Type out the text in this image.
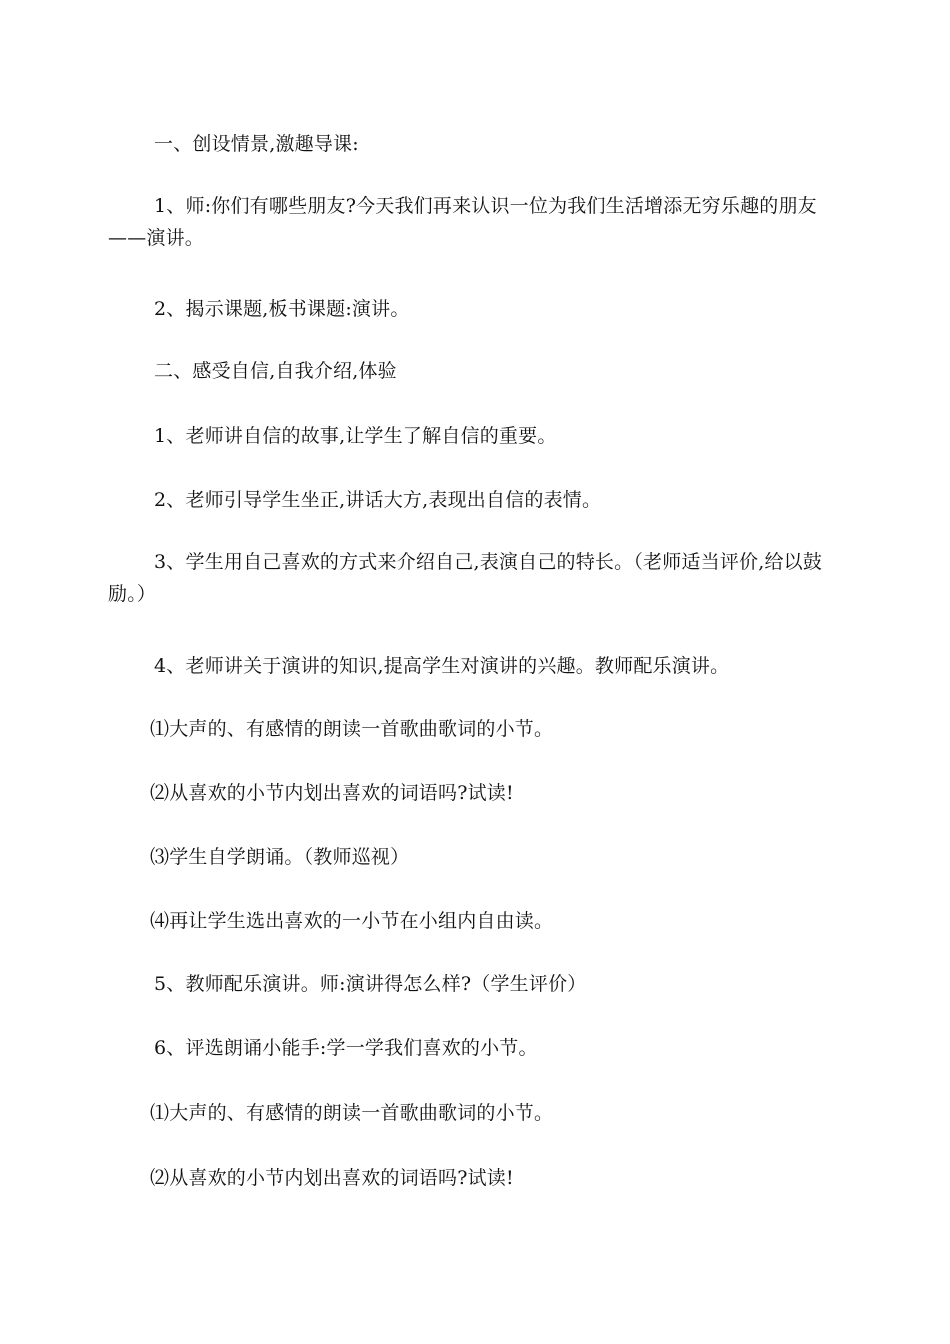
一、创设情景,激趣导课:
1、师:你们有哪些朋友?今天我们再来认识一位为我们生活增添无穷乐趣的朋友——演讲。
2、揭示课题,板书课题:演讲。
二、感受自信,自我介绍,体验
1、老师讲自信的故事,让学生了解自信的重要。
2、老师引导学生坐正,讲话大方,表现出自信的表情。
3、学生用自己喜欢的方式来介绍自己,表演自己的特长。（老师适当评价,给以鼓励。）
4、老师讲关于演讲的知识,提高学生对演讲的兴趣。教师配乐演讲。
⑴大声的、有感情的朗读一首歌曲歌词的小节。
⑵从喜欢的小节内划出喜欢的词语吗?试读!
⑶学生自学朗诵。（教师巡视）
⑷再让学生选出喜欢的一小节在小组内自由读。
5、教师配乐演讲。师:演讲得怎么样?（学生评价）
6、评选朗诵小能手:学一学我们喜欢的小节。
⑴大声的、有感情的朗读一首歌曲歌词的小节。
⑵从喜欢的小节内划出喜欢的词语吗?试读!
